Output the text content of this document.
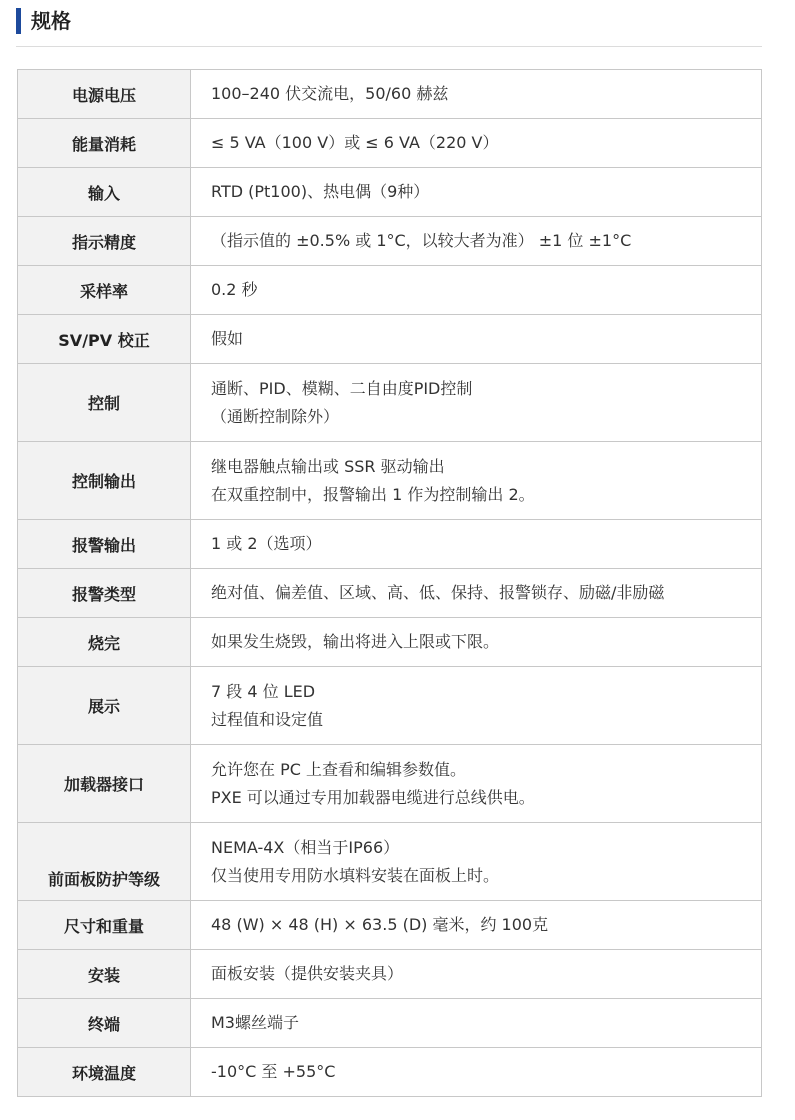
规格
电源电压	100–240 伏交流电，50/60 赫兹

能量消耗	≤ 5 VA（100 V）或 ≤ 6 VA（220 V）

输入	RTD (Pt100)、热电偶（9种）

指示精度	（指示值的 ±0.5% 或 1°C，以较大者为准） ±1 位 ±1°C

采样率	0.2 秒

SV/PV 校正	假如

控制	通断、PID、模糊、二自由度PID控制
（通断控制除外）

控制输出	继电器触点输出或 SSR 驱动输出
在双重控制中，报警输出 1 作为控制输出 2。

报警输出	1 或 2（选项）

报警类型	绝对值、偏差值、区域、高、低、保持、报警锁存、励磁/非励磁

烧完	如果发生烧毁，输出将进入上限或下限。

展示	7 段 4 位 LED
过程值和设定值

加载器接口	允许您在 PC 上查看和编辑参数值。
PXE 可以通过专用加载器电缆进行总线供电。

前面板防护等级	NEMA-4X（相当于IP66）
仅当使用专用防水填料安装在面板上时。

尺寸和重量	48 (W) × 48 (H) × 63.5 (D) 毫米，约 100克

安装	面板安装（提供安装夹具）

终端	M3螺丝端子

环境温度	-10°C 至 +55°C
